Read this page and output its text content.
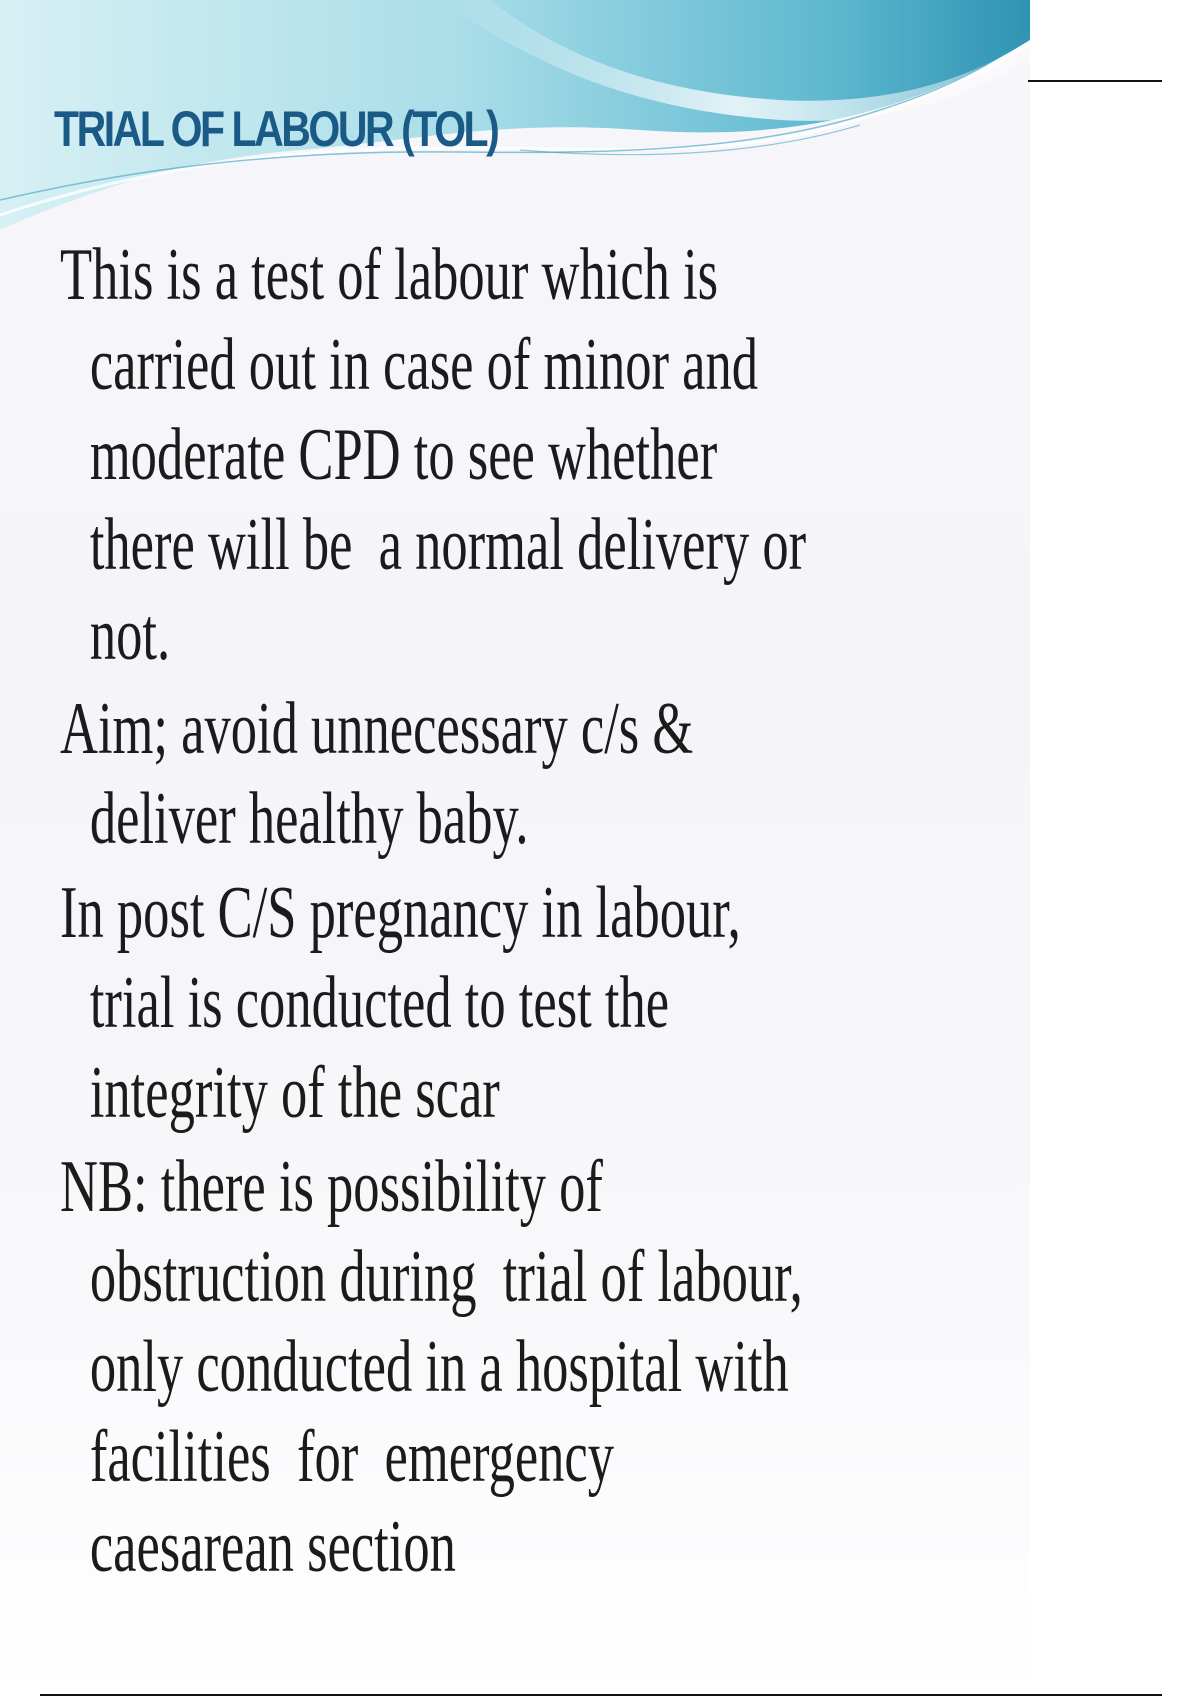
TRIAL OF LABOUR (TOL)
This is a test of labour which is carried out in case of minor and moderate CPD to see whether there will be  a normal delivery or not.
Aim; avoid unnecessary c/s & deliver healthy baby.
In post C/S pregnancy in labour, trial is conducted to test the integrity of the scar
NB: there is possibility of obstruction during  trial of labour, only conducted in a hospital with facilities  for  emergency caesarean section
